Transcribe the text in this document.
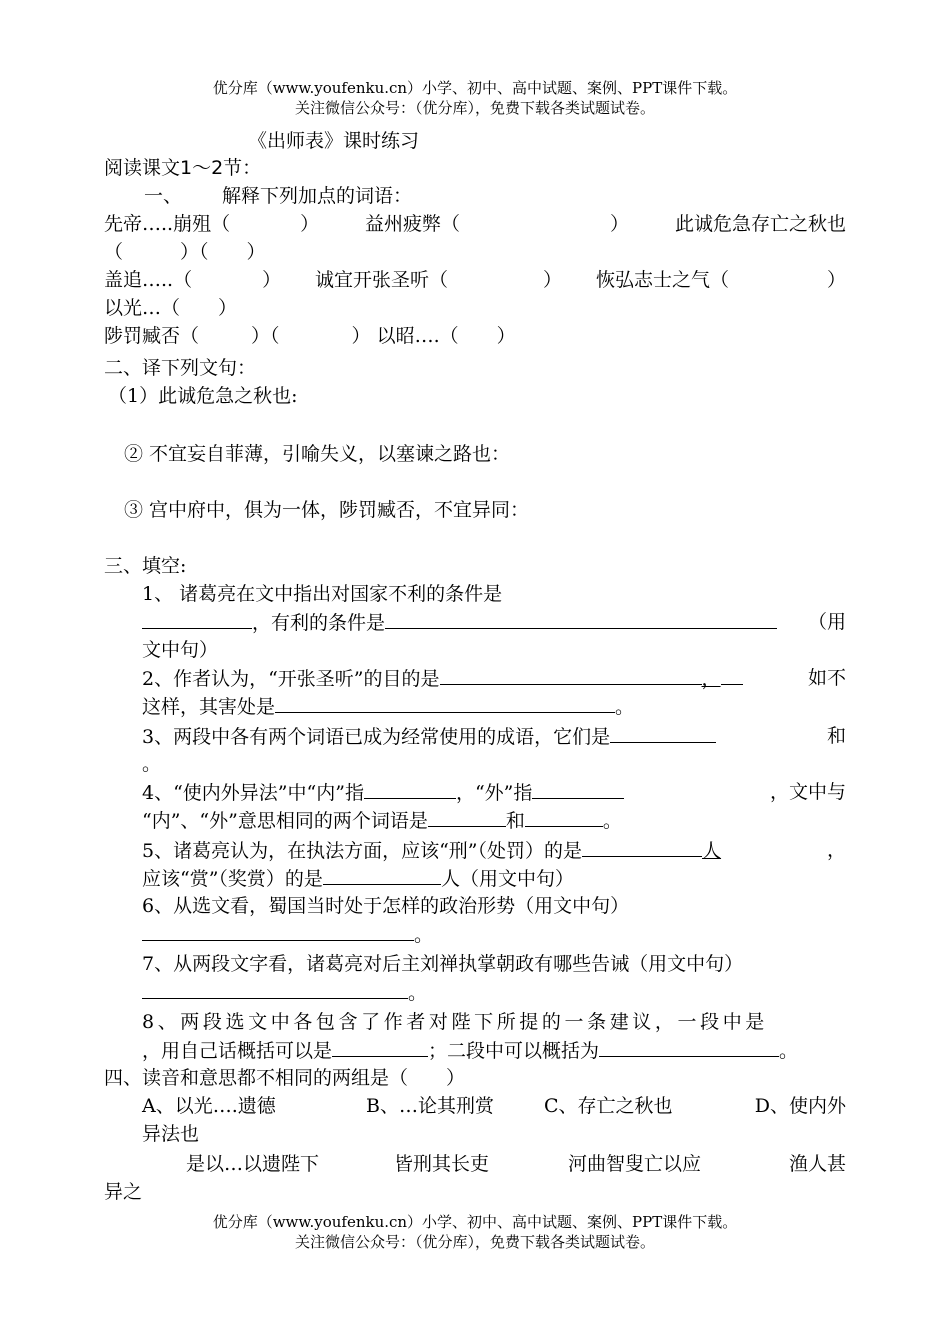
优分库（www.youfenku.cn）小学、初中、高中试题、案例、PPT课件下载。
关注微信公众号：（优分库），免费下载各类试题试卷。
《出师表》课时练习
阅读课文1～2节：
一、 解释下列加点的词语：
先帝…..崩殂（	） 益州疲弊（	） 此诚危急存亡之秋也
（　　　）（　　）
盖追…..（	） 诚宜开张圣听（	） 恢弘志士之气（	）
以光…（　　）
陟罚臧否（	）（	） 以昭….（ ）
二、译下列文句：
（1）此诚危急之秋也:
② 不宜妄自菲薄，引喻失义，以塞谏之路也：
③ 宫中府中，俱为一体，陟罚臧否，不宜异同：
三、填空:
1、 诸葛亮在文中指出对国家不利的条件是
，有利的条件是	（用
文中句）
2、作者认为，“开张圣听”的目的是	，	如不
这样，其害处是	。
3、两段中各有两个词语已成为经常使用的成语，它们是	和
。
4、“使内外异法”中“内”指	，“外”指	，文中与
“内”、“外”意思相同的两个词语是	和	。
5、诸葛亮认为，在执法方面，应该“刑”（处罚）的是	人	，
应该“赏”（奖赏）的是	人（用文中句）
6、从选文看，蜀国当时处于怎样的政治形势（用文中句）
。
7、从两段文字看，诸葛亮对后主刘禅执掌朝政有哪些告诫（用文中句）
。
8、两段选文中各包含了作者对陛下所提的一条建议，一段中是
，用自己话概括可以是	；二段中可以概括为	。
四、读音和意思都不相同的两组是（　　）
A、以光….遗德	B、…论其刑赏	C、存亡之秋也	D、使内外
异法也
是以…以遗陛下	皆刑其长吏	河曲智叟亡以应	渔人甚
异之
优分库（www.youfenku.cn）小学、初中、高中试题、案例、PPT课件下载。
关注微信公众号：（优分库），免费下载各类试题试卷。
